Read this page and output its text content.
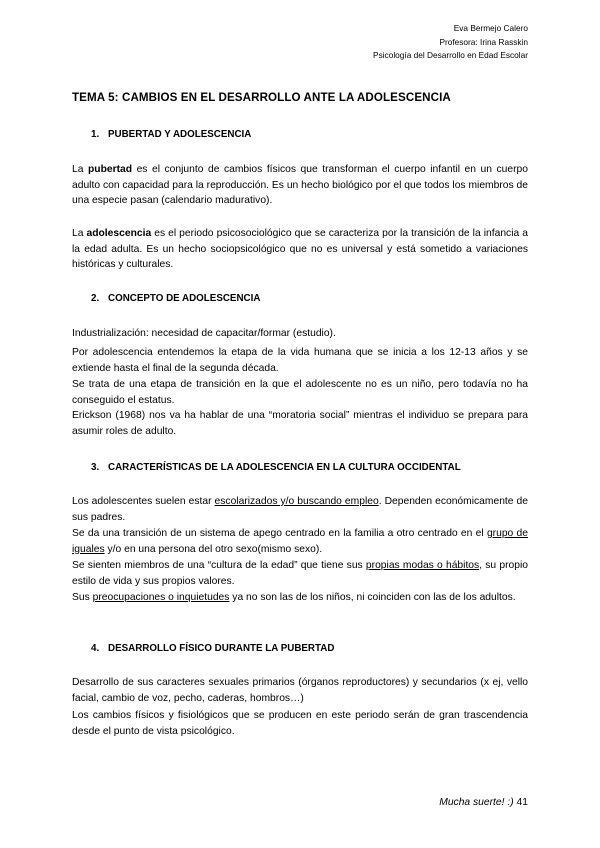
Eva Bermejo Calero
Profesora: Irina Rasskin
Psicología del Desarrollo en Edad Escolar
TEMA 5: CAMBIOS EN EL DESARROLLO ANTE LA ADOLESCENCIA
1. PUBERTAD Y ADOLESCENCIA
La pubertad es el conjunto de cambios físicos que transforman el cuerpo infantil en un cuerpo adulto con capacidad para la reproducción. Es un hecho biológico por el que todos los miembros de una especie pasan (calendario madurativo).
La adolescencia es el periodo psicosociológico que se caracteriza por la transición de la infancia a la edad adulta. Es un hecho sociopsicológico que no es universal y está sometido a variaciones históricas y culturales.
2. CONCEPTO DE ADOLESCENCIA
Industrialización: necesidad de capacitar/formar (estudio).
Por adolescencia entendemos la etapa de la vida humana que se inicia a los 12-13 años y se extiende hasta el final de la segunda década.
Se trata de una etapa de transición en la que el adolescente no es un niño, pero todavía no ha conseguido el estatus.
Erickson (1968) nos va ha hablar de una “moratoria social” mientras el individuo se prepara para asumir roles de adulto.
3. CARACTERÍSTICAS DE LA ADOLESCENCIA EN LA CULTURA OCCIDENTAL
Los adolescentes suelen estar escolarizados y/o buscando empleo. Dependen económicamente de sus padres.
Se da una transición de un sistema de apego centrado en la familia a otro centrado en el grupo de iguales y/o en una persona del otro sexo(mismo sexo).
Se sienten miembros de una “cultura de la edad” que tiene sus propias modas o hábitos, su propio estilo de vida y sus propios valores.
Sus preocupaciones o inquietudes ya no son las de los niños, ni coinciden con las de los adultos.
4. DESARROLLO FÍSICO DURANTE LA PUBERTAD
Desarrollo de sus caracteres sexuales primarios (órganos reproductores) y secundarios (x ej, vello facial, cambio de voz, pecho, caderas, hombros…)
Los cambios físicos y fisiológicos que se producen en este periodo serán de gran trascendencia desde el punto de vista psicológico.
Mucha suerte! :) 41
